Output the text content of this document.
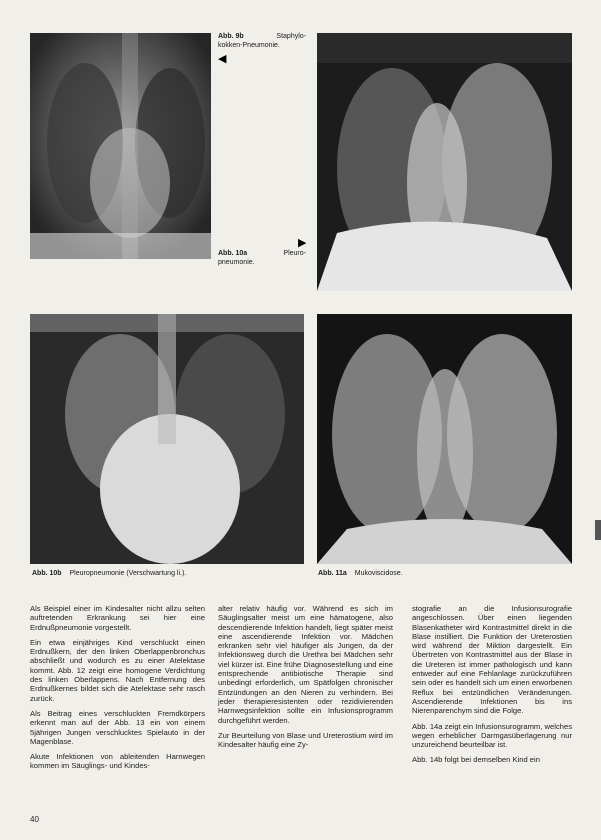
Abb. 9b	Staphylo-
kokken-Pneumonie.
◀
▶
Abb. 10a	Pleuro-
pneumonie.
Abb. 10b Pleuropneumonie (Verschwartung li.).	Abb. 11a Mukoviscidose.

Als Beispiel einer im Kindesalter nicht allzu selten auftretenden Erkrankung sei hier eine Erdnußpneumonie vorgestellt.

Ein etwa einjähriges Kind verschluckt einen Erdnußkern, der den linken Oberlappenbronchus abschließt und wodurch es zu einer Atelektase kommt. Abb. 12 zeigt eine homogene Verdichtung des linken Oberlappens. Nach Entfernung des Erdnußkernes bildet sich die Atelektase sehr rasch zurück.

Als Beitrag eines verschluckten Fremdkörpers erkennt man auf der Abb. 13 ein von einem 5jährigen Jungen verschlucktes Spielauto in der Magenblase.

Akute Infektionen von ableitenden Harnwegen kommen im Säuglings- und Kindes-

alter relativ häufig vor. Während es sich im Säuglingsalter meist um eine hämatogene, also descendierende Infektion handelt, liegt später meist eine ascendierende Infektion vor. Mädchen erkranken sehr viel häufiger als Jungen, da der Infektionsweg durch die Urethra bei Mädchen sehr viel kürzer ist. Eine frühe Diagnosestellung und eine entsprechende antibiotische Therapie sind unbedingt erforderlich, um Spätfolgen chronischer Entzündungen an den Nieren zu verhindern. Bei jeder therapieresistenten oder rezidivierenden Harnwegsinfektion sollte ein Infusionsprogramm durchgeführt werden.

Zur Beurteilung von Blase und Ureterostium wird im Kindesalter häufig eine Zy-

stografie an die Infusionsurografie angeschlossen. Über einen liegenden Blasenkatheter wird Kontrastmittel direkt in die Blase instilliert. Die Funktion der Ureterostien wird während der Miktion dargestellt. Ein Übertreten von Kontrastmittel aus der Blase in die Ureteren ist immer pathologisch und kann entweder auf eine Fehlanlage zurückzuführen sein oder es handelt sich um einen erworbenen Reflux bei entzündlichen Veränderungen. Ascendierende Infektionen bis ins Nierenparenchym sind die Folge.

Abb. 14a zeigt ein Infusionsurogramm, welches wegen erheblicher Darmgasüberlagerung nur unzureichend beurteilbar ist.

Abb. 14b folgt bei demselben Kind ein

40
